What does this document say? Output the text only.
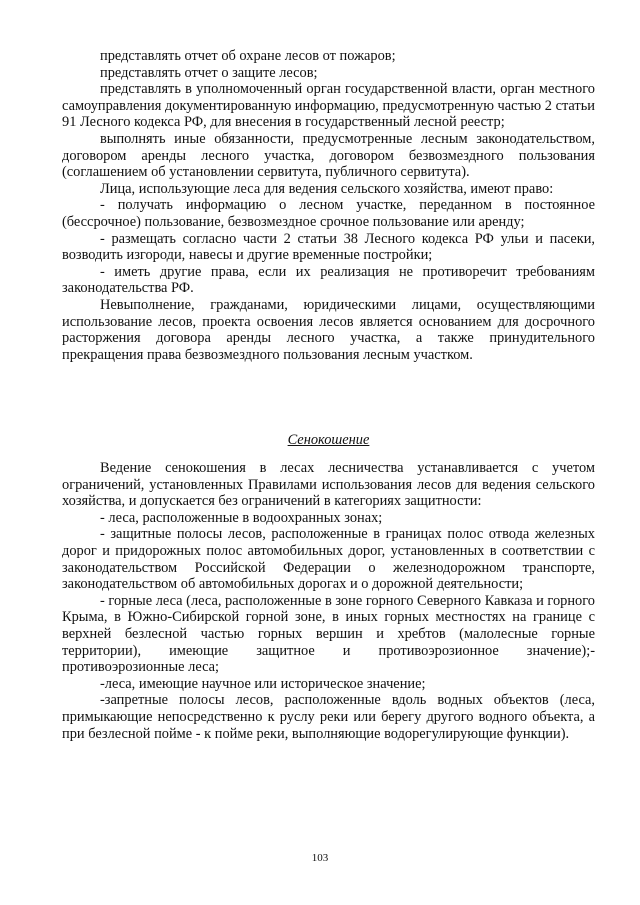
представлять отчет об охране лесов от пожаров;

представлять отчет о защите лесов;

представлять в уполномоченный орган государственной власти, орган местного самоуправления документированную информацию, предусмотренную частью 2 статьи 91 Лесного кодекса РФ, для внесения в государственный лесной реестр;

выполнять иные обязанности, предусмотренные лесным законодательством, договором аренды лесного участка, договором безвозмездного пользования (соглашением об установлении сервитута, публичного сервитута).

Лица, использующие леса для ведения сельского хозяйства, имеют право:

- получать информацию о лесном участке, переданном в постоянное (бессрочное) пользование, безвозмездное срочное пользование или аренду;

- размещать согласно части 2 статьи 38 Лесного кодекса РФ ульи и пасеки, возводить изгороди, навесы и другие временные постройки;

- иметь другие права, если их реализация не противоречит требованиям законодательства РФ.

Невыполнение, гражданами, юридическими лицами, осуществляющими использование лесов, проекта освоения лесов является основанием для досрочного расторжения договора аренды лесного участка, а также принудительного прекращения права безвозмездного пользования лесным участком.

Сенокошение

Ведение сенокошения в лесах лесничества устанавливается с учетом ограничений, установленных Правилами использования лесов для ведения сельского хозяйства, и допускается без ограничений в категориях защитности:

- леса, расположенные в водоохранных зонах;

- защитные полосы лесов, расположенные в границах полос отвода железных дорог и придорожных полос автомобильных дорог, установленных в соответствии с законодательством Российской Федерации о железнодорожном транспорте, законодательством об автомобильных дорогах и о дорожной деятельности;

- горные леса (леса, расположенные в зоне горного Северного Кавказа и горного Крыма, в Южно-Сибирской горной зоне, в иных горных местностях на границе с верхней безлесной частью горных вершин и хребтов (малолесные горные территории), имеющие защитное и противоэрозионное значение);- противоэрозионные леса;

-леса, имеющие научное или историческое значение;

-запретные полосы лесов, расположенные вдоль водных объектов (леса, примыкающие непосредственно к руслу реки или берегу другого водного объекта, а при безлесной пойме - к пойме реки, выполняющие водорегулирующие функции).

103
